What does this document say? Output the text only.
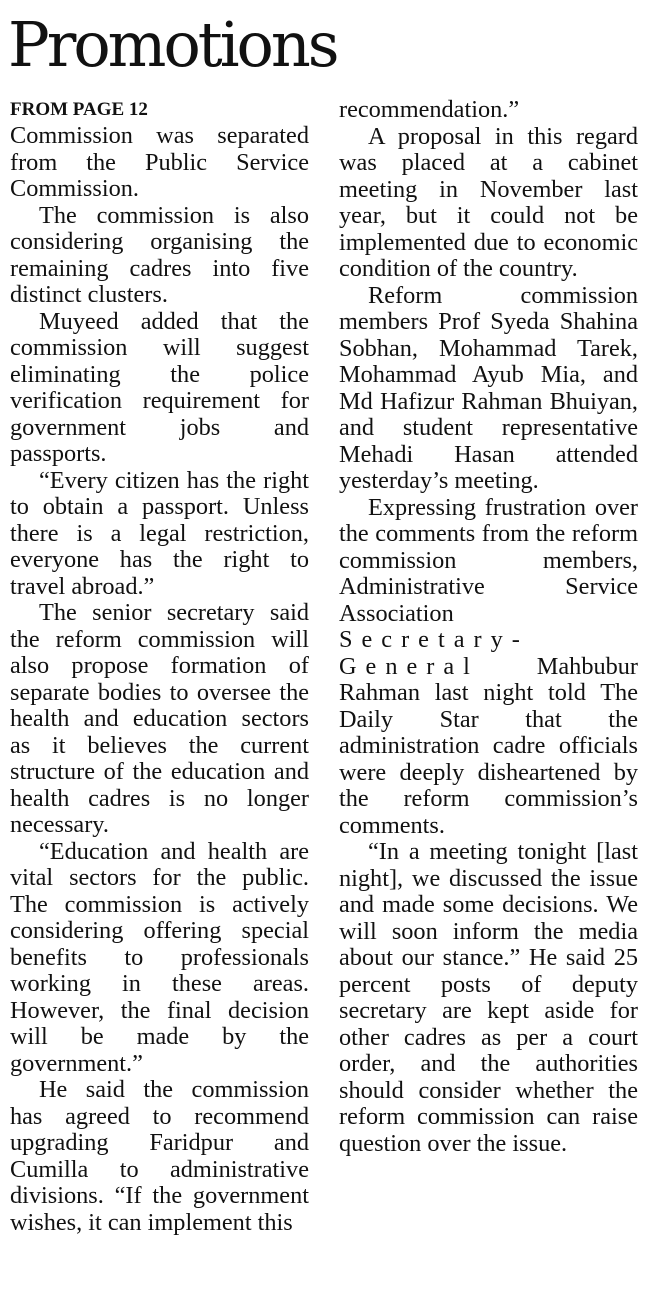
Promotions
FROM PAGE 12

Commission was separated from the Public Service Commission.

The commission is also considering organising the remaining cadres into five distinct clusters.

Muyeed added that the commission will suggest eliminating the police verification requirement for government jobs and passports.

“Every citizen has the right to obtain a passport. Unless there is a legal restriction, everyone has the right to travel abroad.”

The senior secretary said the reform commission will also propose formation of separate bodies to oversee the health and education sectors as it believes the current structure of the education and health cadres is no longer necessary.

“Education and health are vital sectors for the public. The commission is actively considering offering special benefits to professionals working in these areas. However, the final decision will be made by the government.”

He said the commission has agreed to recommend upgrading Faridpur and Cumilla to administrative divisions. “If the government wishes, it can implement this

recommendation.”

A proposal in this regard was placed at a cabinet meeting in November last year, but it could not be implemented due to economic condition of the country.

Reform commission members Prof Syeda Shahina Sobhan, Mohammad Tarek, Mohammad Ayub Mia, and Md Hafizur Rahman Bhuiyan, and student representative Mehadi Hasan attended yesterday’s meeting.

Expressing frustration over the comments from the reform commission members, Administrative Service Association Secretary-General Mahbubur Rahman last night told The Daily Star that the administration cadre officials were deeply disheartened by the reform commission’s comments.

“In a meeting tonight [last night], we discussed the issue and made some decisions. We will soon inform the media about our stance.” He said 25 percent posts of deputy secretary are kept aside for other cadres as per a court order, and the authorities should consider whether the reform commission can raise question over the issue.
